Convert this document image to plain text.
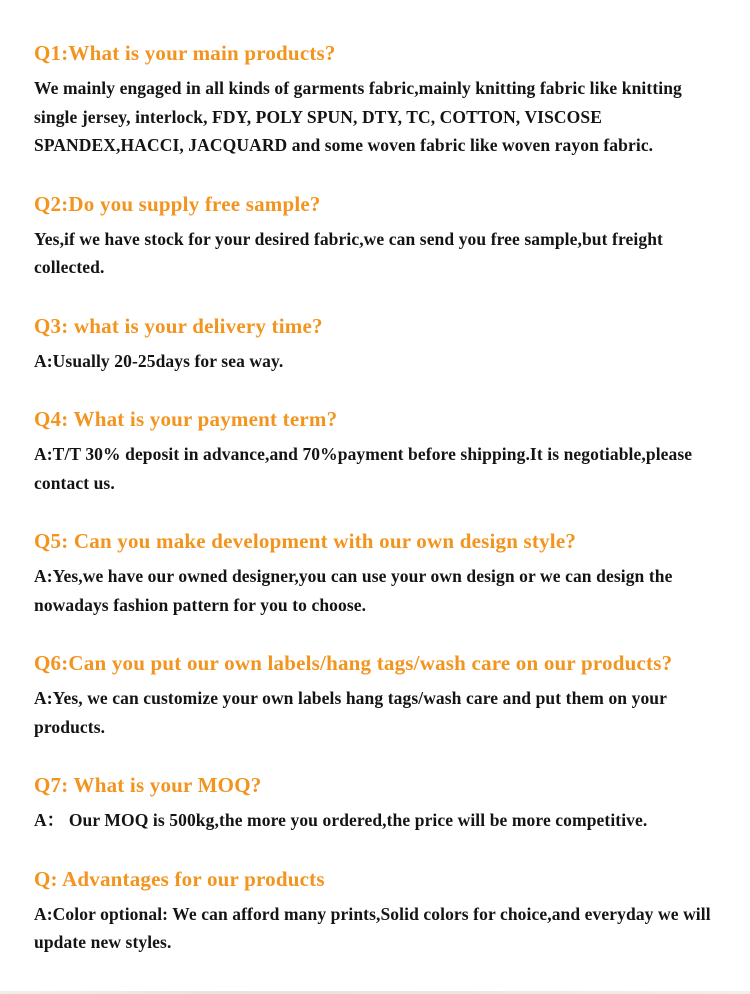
Q1:What is your main products?

We mainly engaged in all kinds of garments fabric,mainly knitting fabric like knitting single jersey, interlock, FDY, POLY SPUN, DTY, TC, COTTON, VISCOSE SPANDEX,HACCI, JACQUARD and some woven fabric like woven rayon fabric.

Q2:Do you supply free sample?

Yes,if we have stock for your desired fabric,we can send you free sample,but freight collected.

Q3: what is your delivery time?

A:Usually 20-25days for sea way.

Q4: What is your payment term?

A:T/T 30% deposit in advance,and 70%payment before shipping.It is negotiable,please contact us.

Q5: Can you make development with our own design style?

A:Yes,we have our owned designer,you can use your own design or we can design the nowadays fashion pattern for you to choose.

Q6:Can you put our own labels/hang tags/wash care on our products?

A:Yes, we can customize your own labels hang tags/wash care and put them on your products.

Q7: What is your MOQ?

A： Our MOQ is 500kg,the more you ordered,the price will be more competitive.

Q: Advantages for our products

A:Color optional: We can afford many prints,Solid colors for choice,and everyday we will update new styles.
